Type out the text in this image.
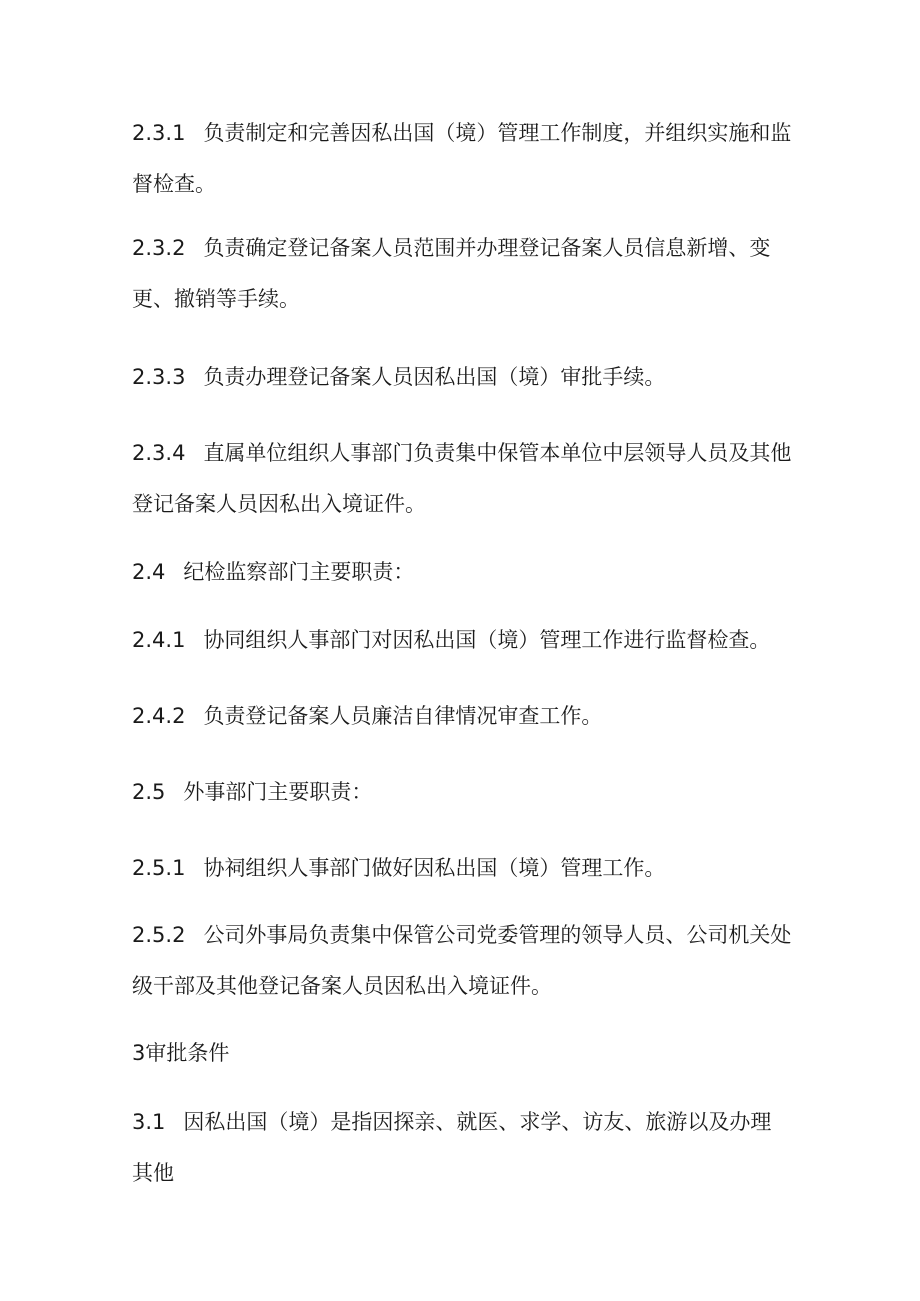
2.3.1 负责制定和完善因私出国（境）管理工作制度，并组织实施和监督检查。

2.3.2 负责确定登记备案人员范围并办理登记备案人员信息新增、变更、撤销等手续。

2.3.3 负责办理登记备案人员因私出国（境）审批手续。

2.3.4 直属单位组织人事部门负责集中保管本单位中层领导人员及其他登记备案人员因私出入境证件。

2.4 纪检监察部门主要职责：

2.4.1 协同组织人事部门对因私出国（境）管理工作进行监督检查。

2.4.2 负责登记备案人员廉洁自律情况审查工作。

2.5 外事部门主要职责：

2.5.1 协祠组织人事部门做好因私出国（境）管理工作。

2.5.2 公司外事局负责集中保管公司党委管理的领导人员、公司机关处级干部及其他登记备案人员因私出入境证件。

3审批条件

3.1 因私出国（境）是指因探亲、就医、求学、访友、旅游以及办理其他
